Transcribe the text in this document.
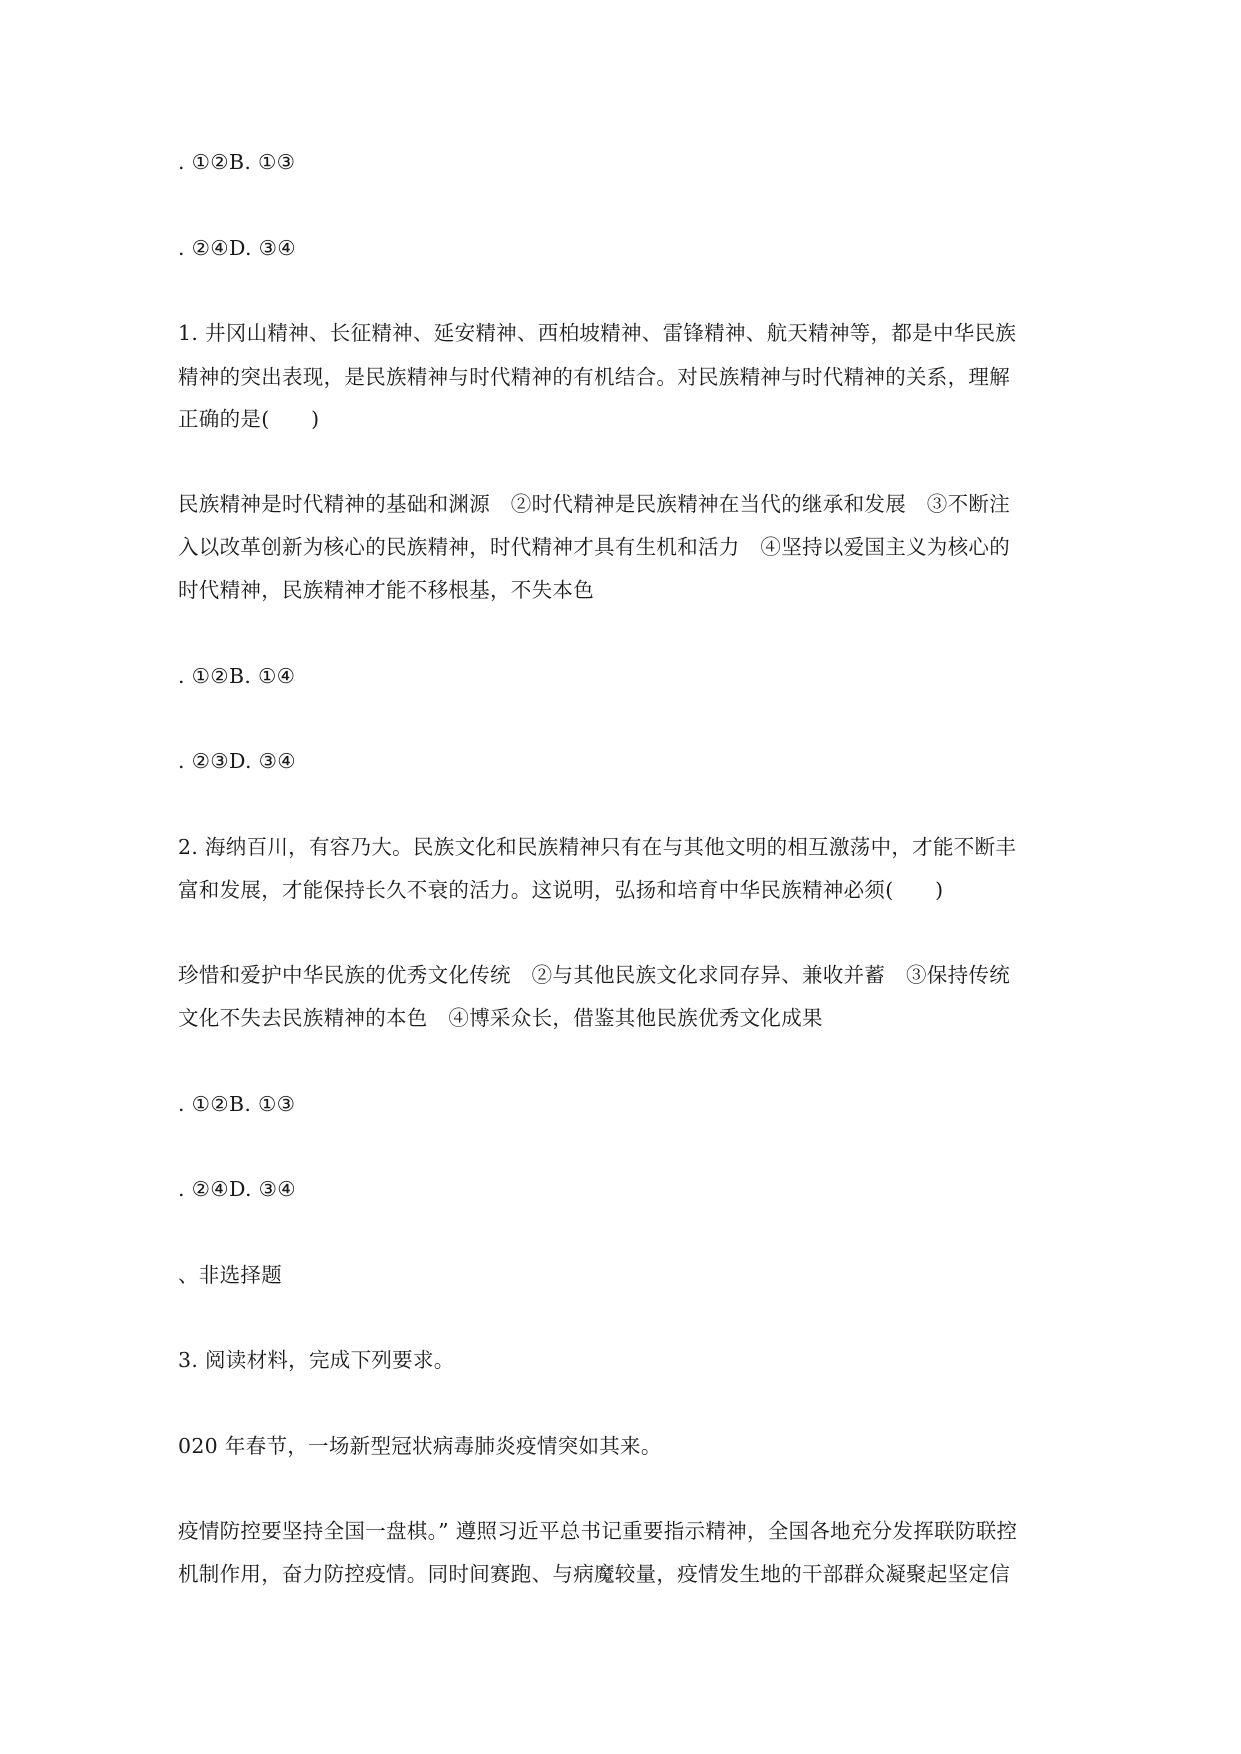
. ①②B. ①③
. ②④D. ③④
1. 井冈山精神、长征精神、延安精神、西柏坡精神、雷锋精神、航天精神等，都是中华民族
精神的突出表现，是民族精神与时代精神的有机结合。对民族精神与时代精神的关系，理解
正确的是(　　)
民族精神是时代精神的基础和渊源　②时代精神是民族精神在当代的继承和发展　③不断注
入以改革创新为核心的民族精神，时代精神才具有生机和活力　④坚持以爱国主义为核心的
时代精神，民族精神才能不移根基，不失本色
. ①②B. ①④
. ②③D. ③④
2. 海纳百川，有容乃大。民族文化和民族精神只有在与其他文明的相互激荡中，才能不断丰
富和发展，才能保持长久不衰的活力。这说明，弘扬和培育中华民族精神必须(　　)
珍惜和爱护中华民族的优秀文化传统　②与其他民族文化求同存异、兼收并蓄　③保持传统
文化不失去民族精神的本色　④博采众长，借鉴其他民族优秀文化成果
. ①②B. ①③
. ②④D. ③④
、非选择题
3. 阅读材料，完成下列要求。
020 年春节，一场新型冠状病毒肺炎疫情突如其来。
疫情防控要坚持全国一盘棋。” 遵照习近平总书记重要指示精神，全国各地充分发挥联防联控
机制作用，奋力防控疫情。同时间赛跑、与病魔较量，疫情发生地的干部群众凝聚起坚定信
